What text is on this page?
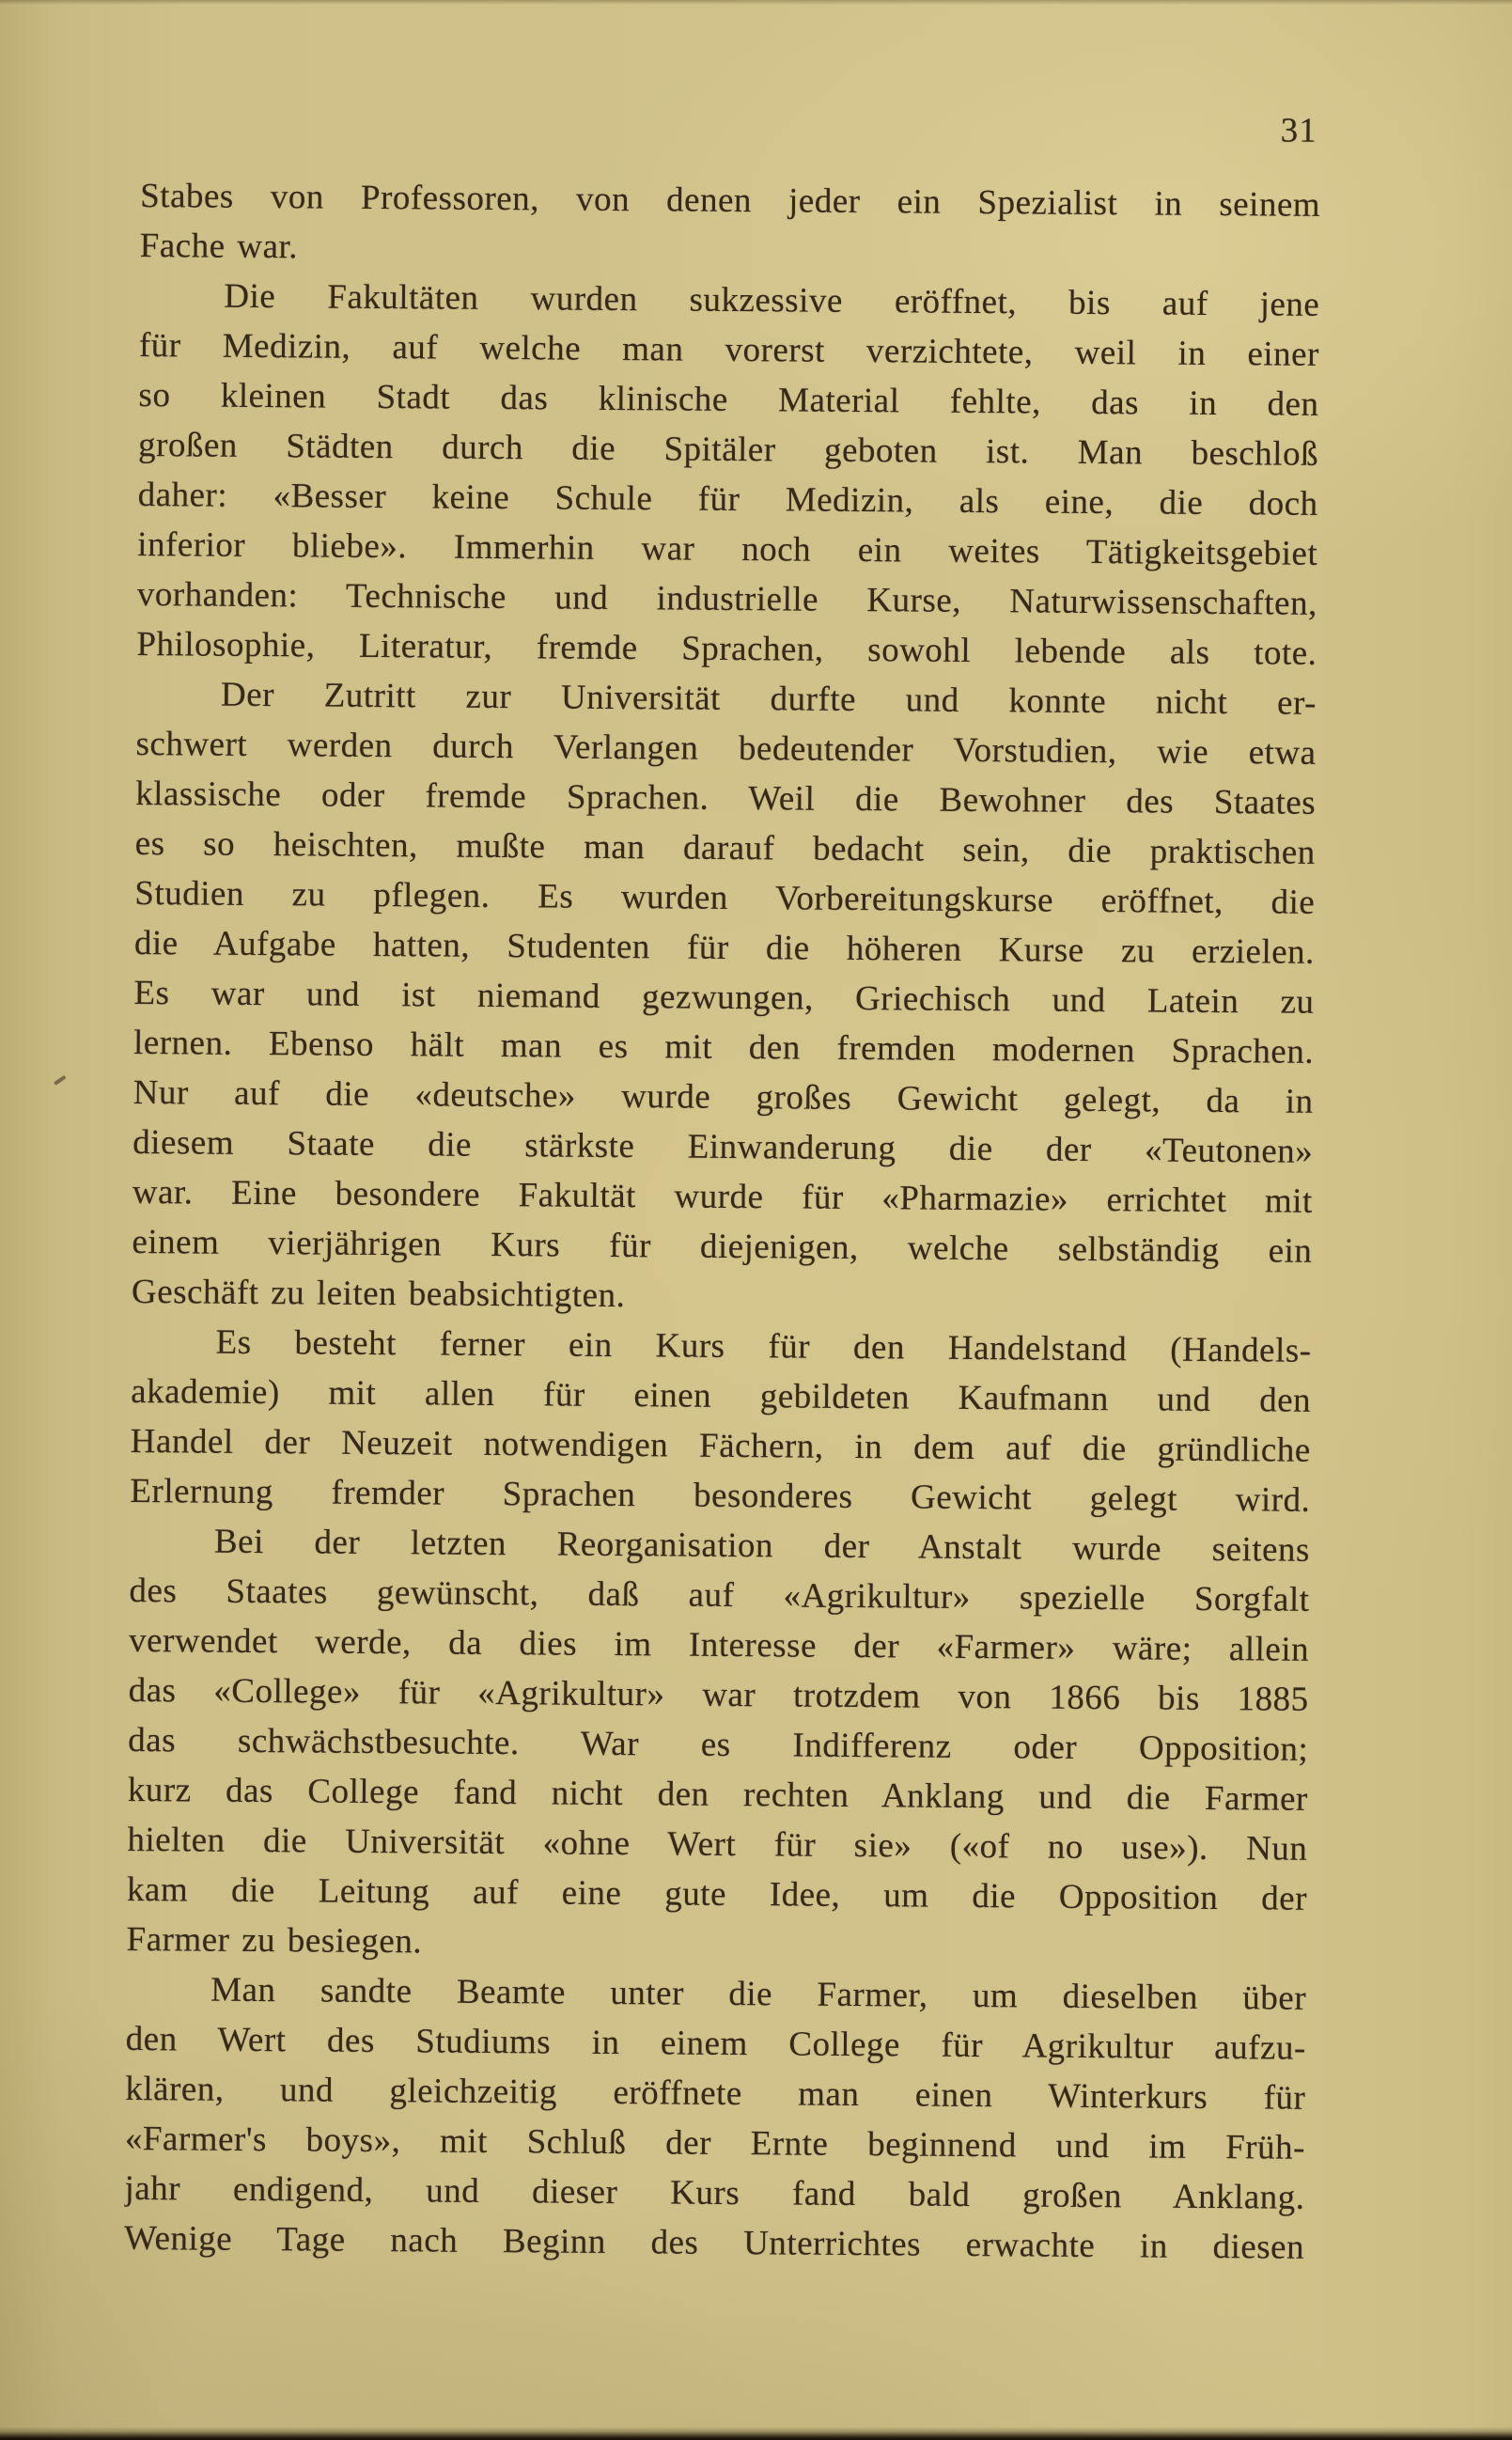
31
Stabes von Professoren, von denen jeder ein Spezialist in seinem
Fache war.
Die Fakultäten wurden sukzessive eröffnet, bis auf jene
für Medizin, auf welche man vorerst verzichtete, weil in einer
so kleinen Stadt das klinische Material fehlte, das in den
großen Städten durch die Spitäler geboten ist. Man beschloß
daher: «Besser keine Schule für Medizin, als eine, die doch
inferior bliebe». Immerhin war noch ein weites Tätigkeitsgebiet
vorhanden: Technische und industrielle Kurse, Naturwissenschaften,
Philosophie, Literatur, fremde Sprachen, sowohl lebende als tote.
Der Zutritt zur Universität durfte und konnte nicht er-
schwert werden durch Verlangen bedeutender Vorstudien, wie etwa
klassische oder fremde Sprachen. Weil die Bewohner des Staates
es so heischten, mußte man darauf bedacht sein, die praktischen
Studien zu pflegen. Es wurden Vorbereitungskurse eröffnet, die
die Aufgabe hatten, Studenten für die höheren Kurse zu erzielen.
Es war und ist niemand gezwungen, Griechisch und Latein zu
lernen. Ebenso hält man es mit den fremden modernen Sprachen.
Nur auf die «deutsche» wurde großes Gewicht gelegt, da in
diesem Staate die stärkste Einwanderung die der «Teutonen»
war. Eine besondere Fakultät wurde für «Pharmazie» errichtet mit
einem vierjährigen Kurs für diejenigen, welche selbständig ein
Geschäft zu leiten beabsichtigten.
Es besteht ferner ein Kurs für den Handelstand (Handels-
akademie) mit allen für einen gebildeten Kaufmann und den
Handel der Neuzeit notwendigen Fächern, in dem auf die gründliche
Erlernung fremder Sprachen besonderes Gewicht gelegt wird.
Bei der letzten Reorganisation der Anstalt wurde seitens
des Staates gewünscht, daß auf «Agrikultur» spezielle Sorgfalt
verwendet werde, da dies im Interesse der «Farmer» wäre; allein
das «College» für «Agrikultur» war trotzdem von 1866 bis 1885
das schwächstbesuchte. War es Indifferenz oder Opposition;
kurz das College fand nicht den rechten Anklang und die Farmer
hielten die Universität «ohne Wert für sie» («of no use»). Nun
kam die Leitung auf eine gute Idee, um die Opposition der
Farmer zu besiegen.
Man sandte Beamte unter die Farmer, um dieselben über
den Wert des Studiums in einem College für Agrikultur aufzu-
klären, und gleichzeitig eröffnete man einen Winterkurs für
«Farmer's boys», mit Schluß der Ernte beginnend und im Früh-
jahr endigend, und dieser Kurs fand bald großen Anklang.
Wenige Tage nach Beginn des Unterrichtes erwachte in diesen
